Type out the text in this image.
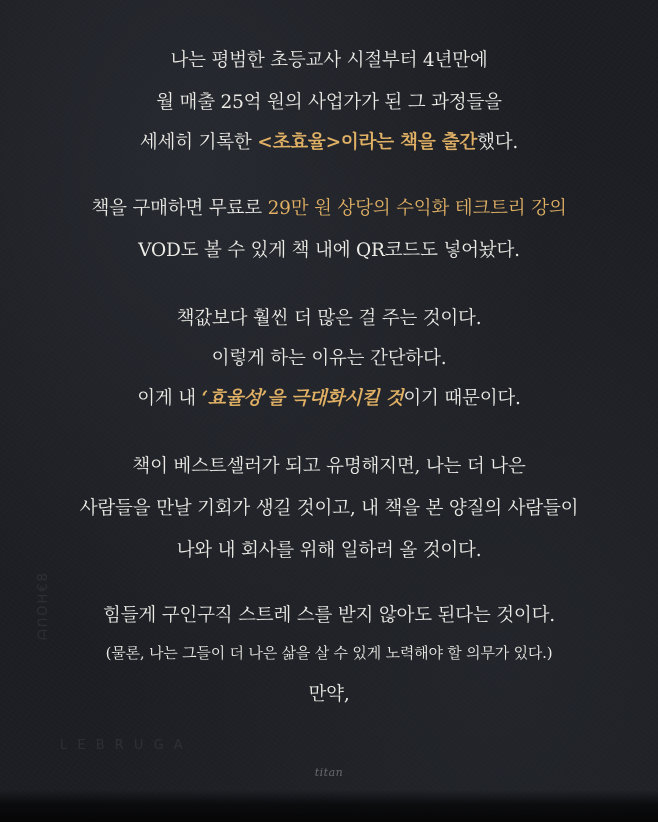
나는 평범한 초등교사 시절부터 4년만에
월 매출 25억 원의 사업가가 된 그 과정들을
세세히 기록한 <초효율>이라는 책을 출간했다.
책을 구매하면 무료로 29만 원 상당의 수익화 테크트리 강의
VOD도 볼 수 있게 책 내에 QR코드도 넣어놨다.
책값보다 훨씬 더 많은 걸 주는 것이다.
이렇게 하는 이유는 간단하다.
이게 내 ‘효율성’을 극대화시킬 것이기 때문이다.
책이 베스트셀러가 되고 유명해지면, 나는 더 나은
사람들을 만날 기회가 생길 것이고, 내 책을 본 양질의 사람들이
나와 내 회사를 위해 일하러 올 것이다.
힘들게 구인구직 스트레 스를 받지 않아도 된다는 것이다.
(물론, 나는 그들이 더 나은 삶을 살 수 있게 노력해야 할 의무가 있다.)
만약,
ᗩᑎOᕼ€8
L E B R U G A
titan
